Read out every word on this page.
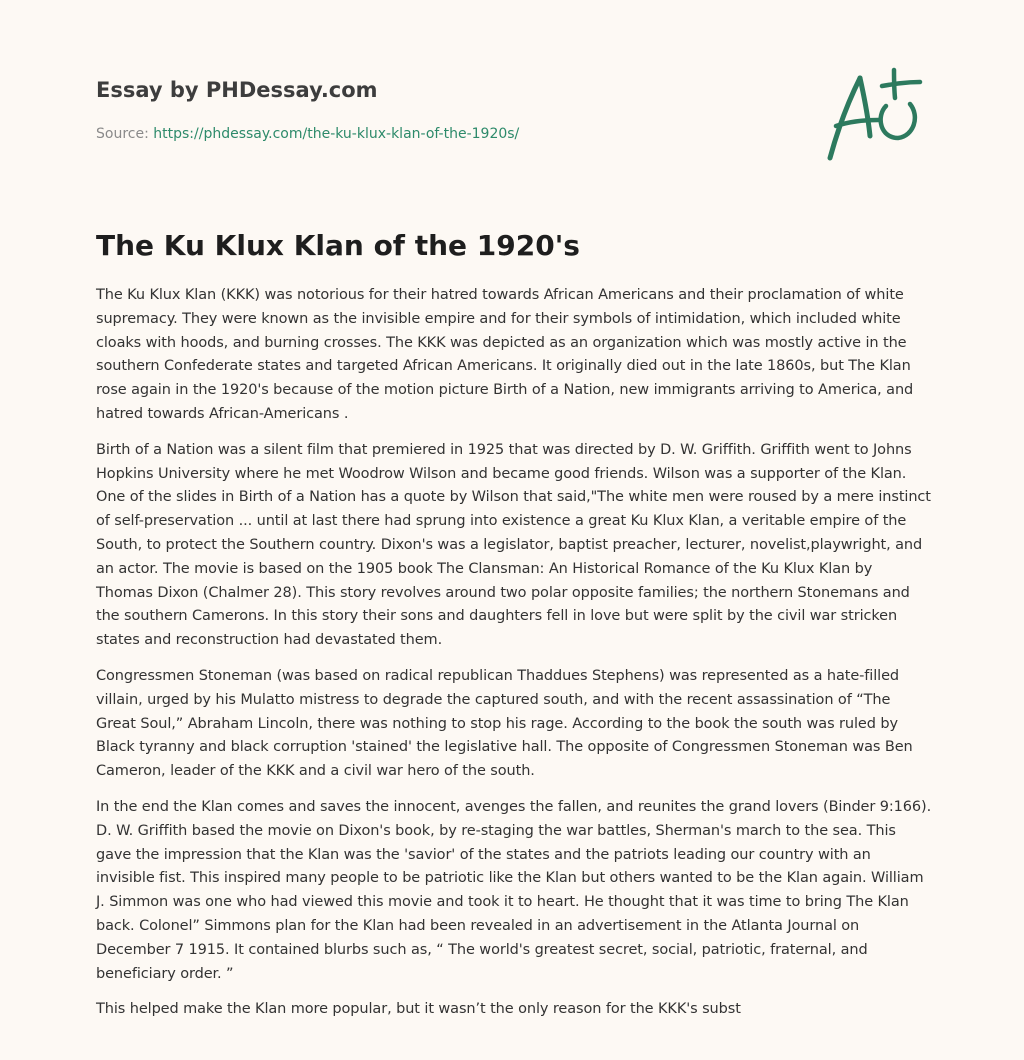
Essay by PHDessay.com
Source: https://phdessay.com/the-ku-klux-klan-of-the-1920s/
The Ku Klux Klan of the 1920's

The Ku Klux Klan (KKK) was notorious for their hatred towards African Americans and their proclamation of white supremacy. They were known as the invisible empire and for their symbols of intimidation, which included white cloaks with hoods, and burning crosses. The KKK was depicted as an organization which was mostly active in the southern Confederate states and targeted African Americans. It originally died out in the late 1860s, but The Klan rose again in the 1920's because of the motion picture Birth of a Nation, new immigrants arriving to America, and hatred towards African-Americans .

Birth of a Nation was a silent film that premiered in 1925 that was directed by D. W. Griffith. Griffith went to Johns Hopkins University where he met Woodrow Wilson and became good friends. Wilson was a supporter of the Klan. One of the slides in Birth of a Nation has a quote by Wilson that said,"The white men were roused by a mere instinct of self-preservation ... until at last there had sprung into existence a great Ku Klux Klan, a veritable empire of the South, to protect the Southern country. Dixon's was a legislator, baptist preacher, lecturer, novelist,playwright, and an actor. The movie is based on the 1905 book The Clansman: An Historical Romance of the Ku Klux Klan by Thomas Dixon (Chalmer 28). This story revolves around two polar opposite families; the northern Stonemans and the southern Camerons. In this story their sons and daughters fell in love but were split by the civil war stricken states and reconstruction had devastated them.

Congressmen Stoneman (was based on radical republican Thaddues Stephens) was represented as a hate-filled villain, urged by his Mulatto mistress to degrade the captured south, and with the recent assassination of “The Great Soul,” Abraham Lincoln, there was nothing to stop his rage. According to the book the south was ruled by Black tyranny and black corruption 'stained' the legislative hall. The opposite of Congressmen Stoneman was Ben Cameron, leader of the KKK and a civil war hero of the south.

In the end the Klan comes and saves the innocent, avenges the fallen, and reunites the grand lovers (Binder 9:166). D. W. Griffith based the movie on Dixon's book, by re-staging the war battles, Sherman's march to the sea. This gave the impression that the Klan was the 'savior' of the states and the patriots leading our country with an invisible fist. This inspired many people to be patriotic like the Klan but others wanted to be the Klan again. William J. Simmon was one who had viewed this movie and took it to heart. He thought that it was time to bring The Klan back. Colonel” Simmons plan for the Klan had been revealed in an advertisement in the Atlanta Journal on December 7 1915. It contained blurbs such as, “ The world's greatest secret, social, patriotic, fraternal, and beneficiary order. ”

This helped make the Klan more popular, but it wasn’t the only reason for the KKK's subst
